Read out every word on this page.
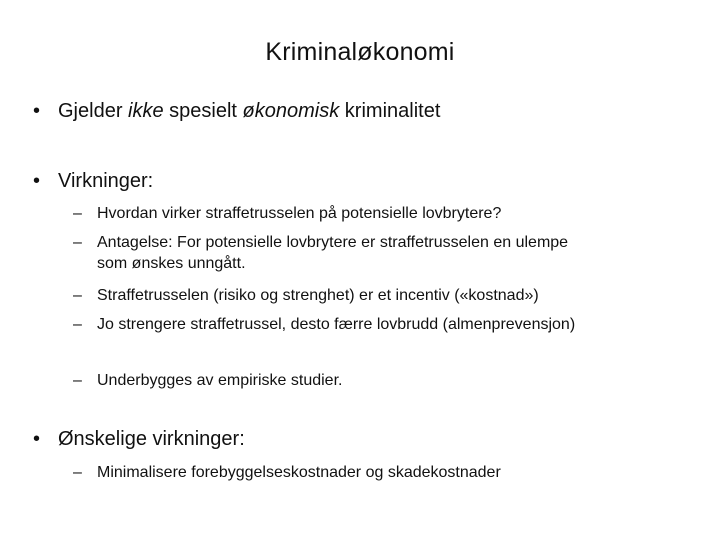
Kriminaløkonomi
• Gjelder ikke spesielt økonomisk kriminalitet
• Virkninger:
– Hvordan virker straffetrusselen på potensielle lovbrytere?
– Antagelse: For potensielle lovbrytere er straffetrusselen en ulempe
som ønskes unngått.
– Straffetrusselen (risiko og strenghet) er et incentiv («kostnad»)
– Jo strengere straffetrussel, desto færre lovbrudd (almenprevensjon)
– Underbygges av empiriske studier.
• Ønskelige virkninger:
– Minimalisere forebyggelseskostnader og skadekostnader
